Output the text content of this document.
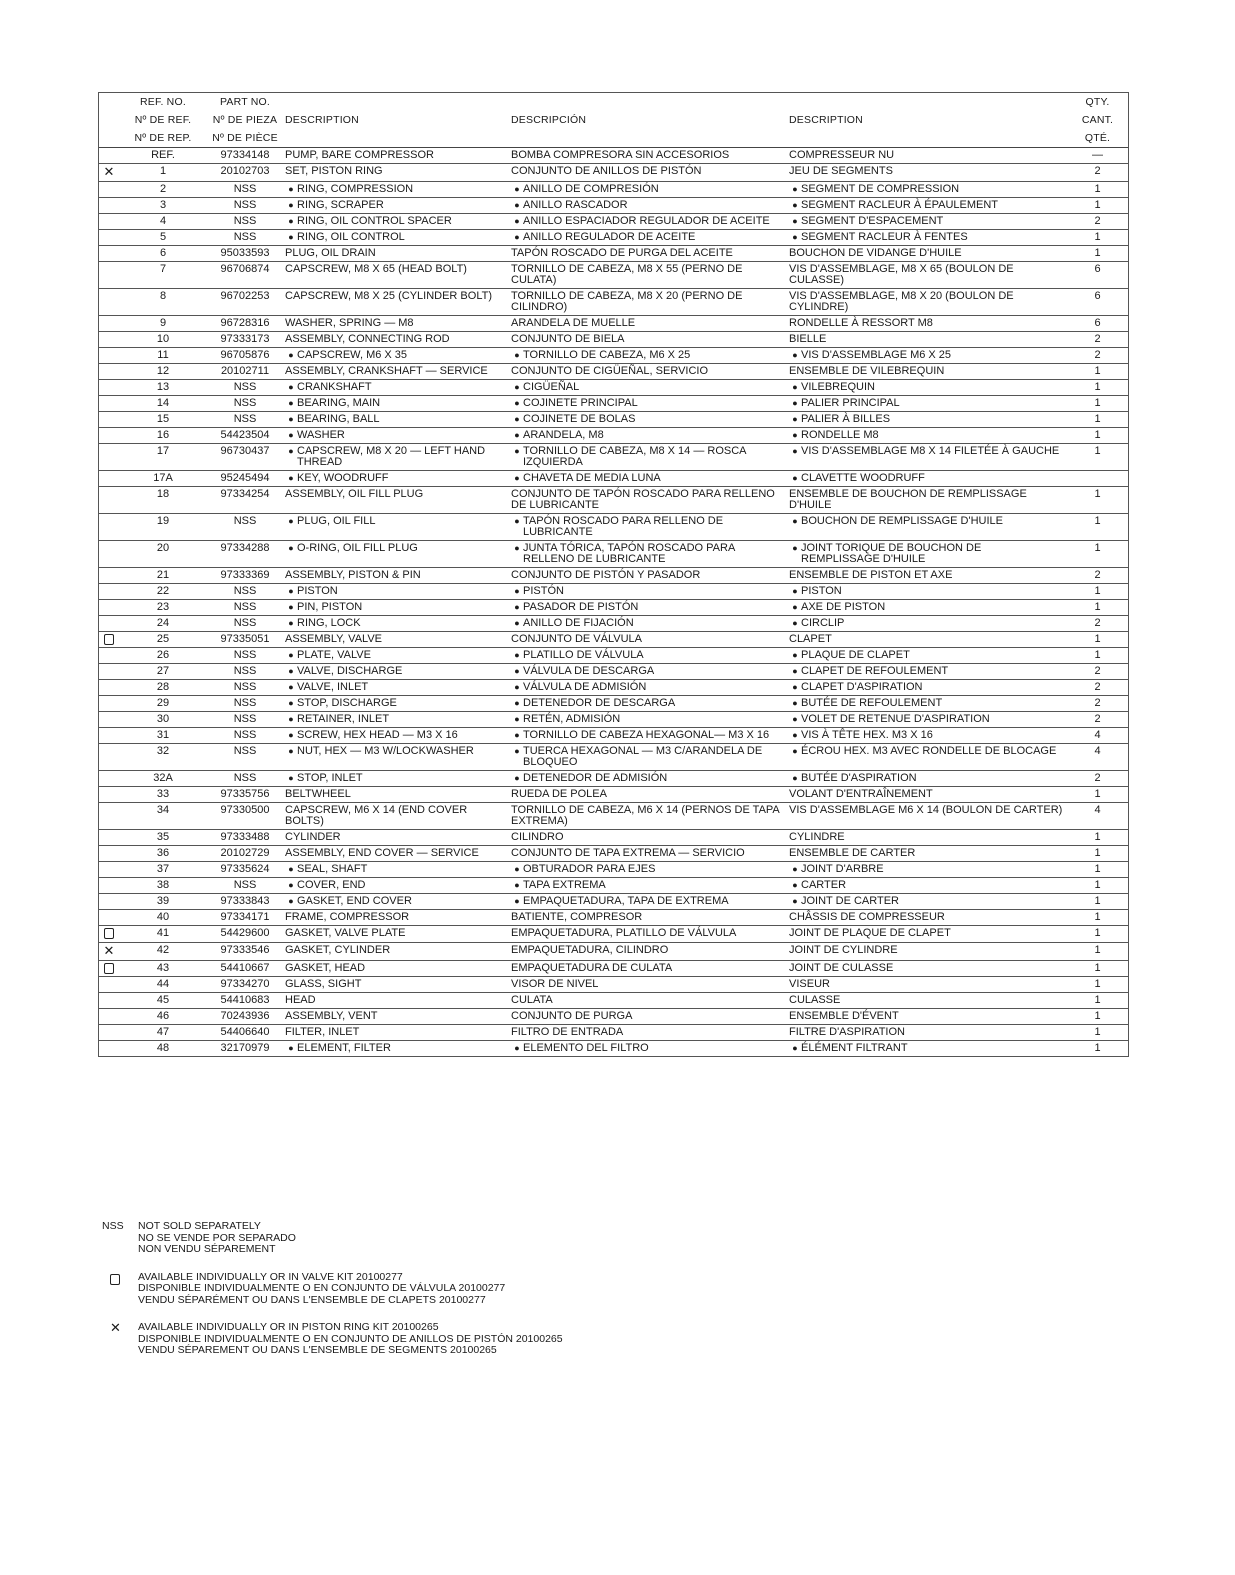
	REF. NO.	PART NO.				QTY.
	Nº DE REF.	Nº DE PIEZA	DESCRIPTION	DESCRIPCIÓN	DESCRIPTION	CANT.
	Nº DE REP.	Nº DE PIÈCE				QTÉ.
	REF.	97334148	PUMP, BARE COMPRESSOR	BOMBA COMPRESORA SIN ACCESORIOS	COMPRESSEUR NU	—
✕	1	20102703	SET, PISTON RING	CONJUNTO DE ANILLOS DE PISTÓN	JEU DE SEGMENTS	2
	2	NSS	● RING, COMPRESSION	● ANILLO DE COMPRESIÓN	● SEGMENT DE COMPRESSION	1
	3	NSS	● RING, SCRAPER	● ANILLO RASCADOR	● SEGMENT RACLEUR À ÉPAULEMENT	1
	4	NSS	● RING, OIL CONTROL SPACER	● ANILLO ESPACIADOR REGULADOR DE ACEITE	● SEGMENT D'ESPACEMENT	2
	5	NSS	● RING, OIL CONTROL	● ANILLO REGULADOR DE ACEITE	● SEGMENT RACLEUR À FENTES	1
	6	95033593	PLUG, OIL DRAIN	TAPÓN ROSCADO DE PURGA DEL ACEITE	BOUCHON DE VIDANGE D'HUILE	1
	7	96706874	CAPSCREW, M8 X 65 (HEAD BOLT)	TORNILLO DE CABEZA, M8 X 55 (PERNO DE CULATA)	VIS D'ASSEMBLAGE, M8 X 65 (BOULON DE CULASSE)	6
	8	96702253	CAPSCREW, M8 X 25 (CYLINDER BOLT)	TORNILLO DE CABEZA, M8 X 20 (PERNO DE CILINDRO)	VIS D'ASSEMBLAGE, M8 X 20 (BOULON DE CYLINDRE)	6
	9	96728316	WASHER, SPRING — M8	ARANDELA DE MUELLE	RONDELLE À RESSORT M8	6
	10	97333173	ASSEMBLY, CONNECTING ROD	CONJUNTO DE BIELA	BIELLE	2
	11	96705876	● CAPSCREW, M6 X 35	● TORNILLO DE CABEZA, M6 X 25	● VIS D'ASSEMBLAGE M6 X 25	2
	12	20102711	ASSEMBLY, CRANKSHAFT — SERVICE	CONJUNTO DE CIGÜEÑAL, SERVICIO	ENSEMBLE DE VILEBREQUIN	1
	13	NSS	● CRANKSHAFT	● CIGÜEÑAL	● VILEBREQUIN	1
	14	NSS	● BEARING, MAIN	● COJINETE PRINCIPAL	● PALIER PRINCIPAL	1
	15	NSS	● BEARING, BALL	● COJINETE DE BOLAS	● PALIER À BILLES	1
	16	54423504	● WASHER	● ARANDELA, M8	● RONDELLE M8	1
	17	96730437	● CAPSCREW, M8 X 20 — LEFT HAND THREAD	● TORNILLO DE CABEZA, M8 X 14 — ROSCA IZQUIERDA	● VIS D'ASSEMBLAGE M8 X 14 FILETÉE À GAUCHE	1
	17A	95245494	● KEY, WOODRUFF	● CHAVETA DE MEDIA LUNA	● CLAVETTE WOODRUFF	
	18	97334254	ASSEMBLY, OIL FILL PLUG	CONJUNTO DE TAPÓN ROSCADO PARA RELLENO DE LUBRICANTE	ENSEMBLE DE BOUCHON DE REMPLISSAGE D'HUILE	1
	19	NSS	● PLUG, OIL FILL	● TAPÓN ROSCADO PARA RELLENO DE LUBRICANTE	● BOUCHON DE REMPLISSAGE D'HUILE	1
	20	97334288	● O-RING, OIL FILL PLUG	● JUNTA TÓRICA, TAPÓN ROSCADO PARA RELLENO DE LUBRICANTE	● JOINT TORIQUE DE BOUCHON DE REMPLISSAGE D'HUILE	1
	21	97333369	ASSEMBLY, PISTON & PIN	CONJUNTO DE PISTÓN Y PASADOR	ENSEMBLE DE PISTON ET AXE	2
	22	NSS	● PISTON	● PISTÓN	● PISTON	1
	23	NSS	● PIN, PISTON	● PASADOR DE PISTÓN	● AXE DE PISTON	1
	24	NSS	● RING, LOCK	● ANILLO DE FIJACIÓN	● CIRCLIP	2
	25	97335051	ASSEMBLY, VALVE	CONJUNTO DE VÁLVULA	CLAPET	1
	26	NSS	● PLATE, VALVE	● PLATILLO DE VÁLVULA	● PLAQUE DE CLAPET	1
	27	NSS	● VALVE, DISCHARGE	● VÁLVULA DE DESCARGA	● CLAPET DE REFOULEMENT	2
	28	NSS	● VALVE, INLET	● VÁLVULA DE ADMISIÓN	● CLAPET D'ASPIRATION	2
	29	NSS	● STOP, DISCHARGE	● DETENEDOR DE DESCARGA	● BUTÉE DE REFOULEMENT	2
	30	NSS	● RETAINER, INLET	● RETÉN, ADMISIÓN	● VOLET DE RETENUE D'ASPIRATION	2
	31	NSS	● SCREW, HEX HEAD — M3 X 16	● TORNILLO DE CABEZA HEXAGONAL— M3 X 16	● VIS À TÊTE HEX. M3 X 16	4
	32	NSS	● NUT, HEX — M3 W/LOCKWASHER	● TUERCA HEXAGONAL — M3 C/ARANDELA DE BLOQUEO	● ÉCROU HEX. M3 AVEC RONDELLE DE BLOCAGE	4
	32A	NSS	● STOP, INLET	● DETENEDOR DE ADMISIÓN	● BUTÉE D'ASPIRATION	2
	33	97335756	BELTWHEEL	RUEDA DE POLEA	VOLANT D'ENTRAÎNEMENT	1
	34	97330500	CAPSCREW, M6 X 14 (END COVER BOLTS)	TORNILLO DE CABEZA, M6 X 14 (PERNOS DE TAPA EXTREMA)	VIS D'ASSEMBLAGE M6 X 14 (BOULON DE CARTER)	4
	35	97333488	CYLINDER	CILINDRO	CYLINDRE	1
	36	20102729	ASSEMBLY, END COVER — SERVICE	CONJUNTO DE TAPA EXTREMA — SERVICIO	ENSEMBLE DE CARTER	1
	37	97335624	● SEAL, SHAFT	● OBTURADOR PARA EJES	● JOINT D'ARBRE	1
	38	NSS	● COVER, END	● TAPA EXTREMA	● CARTER	1
	39	97333843	● GASKET, END COVER	● EMPAQUETADURA, TAPA DE EXTREMA	● JOINT DE CARTER	1
	40	97334171	FRAME, COMPRESSOR	BATIENTE, COMPRESOR	CHÂSSIS DE COMPRESSEUR	1
	41	54429600	GASKET, VALVE PLATE	EMPAQUETADURA, PLATILLO DE VÁLVULA	JOINT DE PLAQUE DE CLAPET	1
✕	42	97333546	GASKET, CYLINDER	EMPAQUETADURA, CILINDRO	JOINT DE CYLINDRE	1
	43	54410667	GASKET, HEAD	EMPAQUETADURA DE CULATA	JOINT DE CULASSE	1
	44	97334270	GLASS, SIGHT	VISOR DE NIVEL	VISEUR	1
	45	54410683	HEAD	CULATA	CULASSE	1
	46	70243936	ASSEMBLY, VENT	CONJUNTO DE PURGA	ENSEMBLE D'ÉVENT	1
	47	54406640	FILTER, INLET	FILTRO DE ENTRADA	FILTRE D'ASPIRATION	1
	48	32170979	● ELEMENT, FILTER	● ELEMENTO DEL FILTRO	● ÉLÉMENT FILTRANT	1
NSS	NOT SOLD SEPARATELY
NO SE VENDE POR SEPARADO
NON VENDU SÉPAREMENT
AVAILABLE INDIVIDUALLY OR IN VALVE KIT 20100277
DISPONIBLE INDIVIDUALMENTE O EN CONJUNTO DE VÁLVULA 20100277
VENDU SÉPARÉMENT OU DANS L'ENSEMBLE DE CLAPETS 20100277
✕	AVAILABLE INDIVIDUALLY OR IN PISTON RING KIT 20100265
DISPONIBLE INDIVIDUALMENTE O EN CONJUNTO DE ANILLOS DE PISTÓN 20100265
VENDU SÉPAREMENT OU DANS L'ENSEMBLE DE SEGMENTS 20100265
